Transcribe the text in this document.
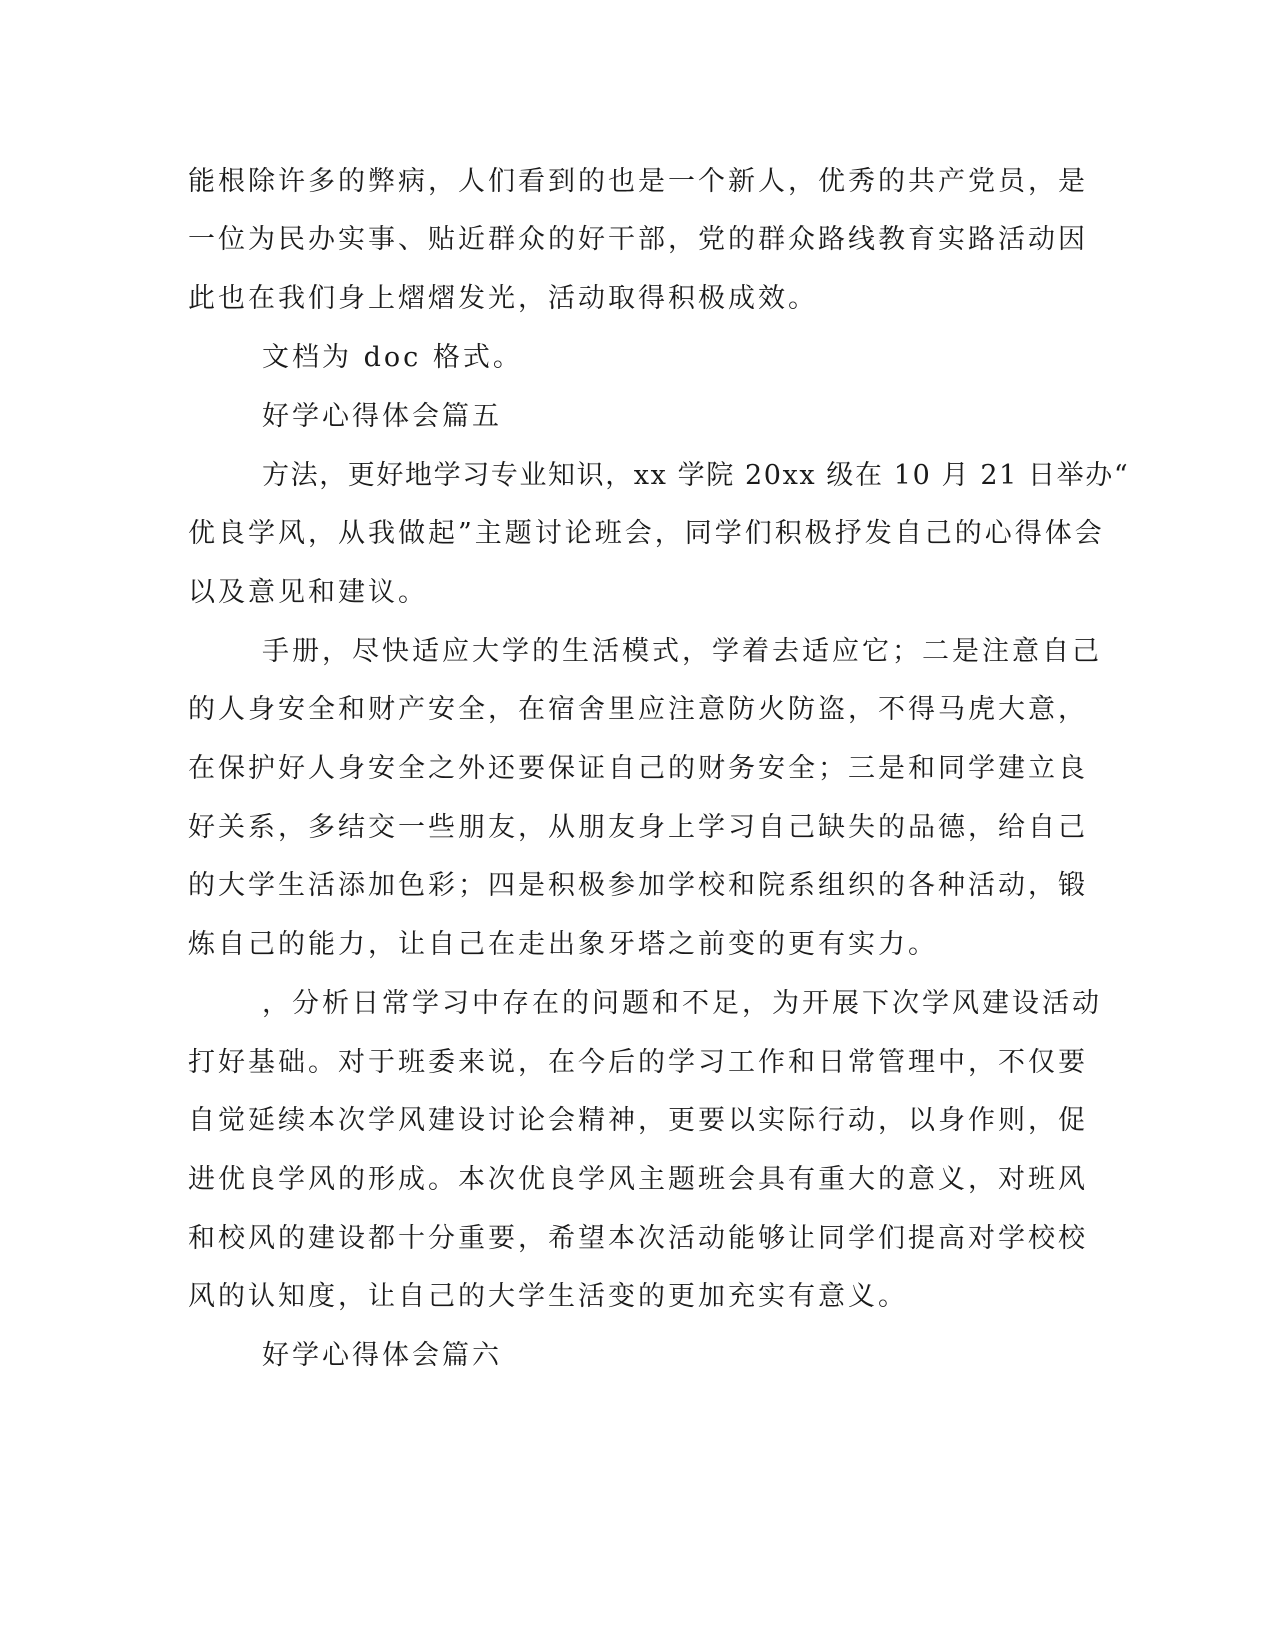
能根除许多的弊病，人们看到的也是一个新人，优秀的共产党员，是
一位为民办实事、贴近群众的好干部，党的群众路线教育实路活动因
此也在我们身上熠熠发光，活动取得积极成效。
文档为 doc 格式。
好学心得体会篇五
方法，更好地学习专业知识，xx 学院 20xx 级在 10 月 21 日举办“
优良学风，从我做起”主题讨论班会，同学们积极抒发自己的心得体会
以及意见和建议。
手册，尽快适应大学的生活模式，学着去适应它；二是注意自己
的人身安全和财产安全，在宿舍里应注意防火防盗，不得马虎大意，
在保护好人身安全之外还要保证自己的财务安全；三是和同学建立良
好关系，多结交一些朋友，从朋友身上学习自己缺失的品德，给自己
的大学生活添加色彩；四是积极参加学校和院系组织的各种活动，锻
炼自己的能力，让自己在走出象牙塔之前变的更有实力。
，分析日常学习中存在的问题和不足，为开展下次学风建设活动
打好基础。对于班委来说，在今后的学习工作和日常管理中，不仅要
自觉延续本次学风建设讨论会精神，更要以实际行动，以身作则，促
进优良学风的形成。本次优良学风主题班会具有重大的意义，对班风
和校风的建设都十分重要，希望本次活动能够让同学们提高对学校校
风的认知度，让自己的大学生活变的更加充实有意义。
好学心得体会篇六
